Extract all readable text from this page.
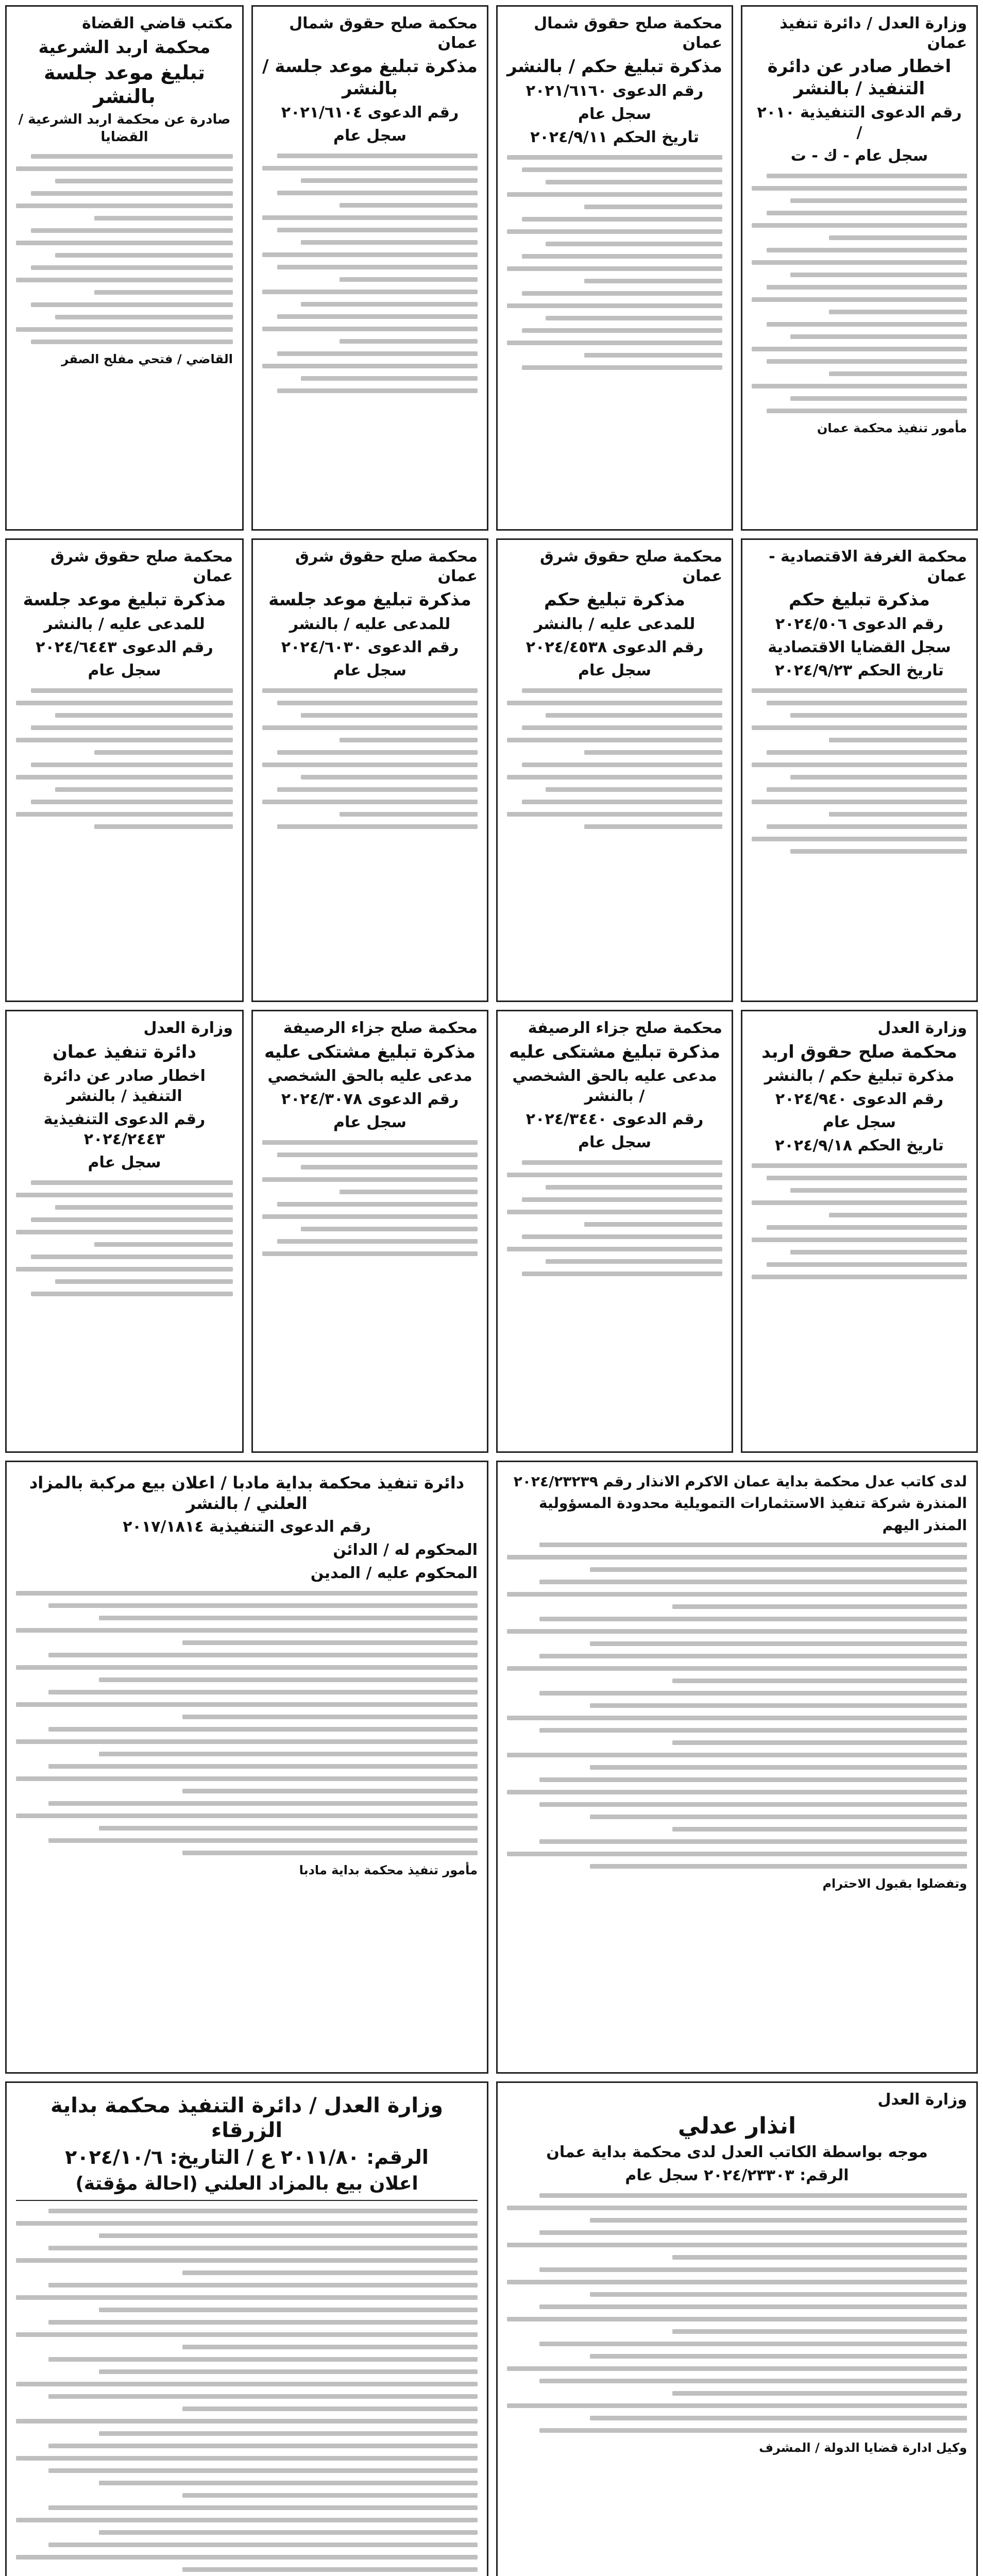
وزارة العدل / دائرة تنفيذ عمان
اخطار صادر عن دائرة التنفيذ / بالنشر
رقم الدعوى التنفيذية ٢٠١٠ /
سجل عام - ك - ت
مأمور تنفيذ محكمة عمان
محكمة صلح حقوق شمال عمان
مذكرة تبليغ حكم / بالنشر
رقم الدعوى ٢٠٢١/٦١٦٠
سجل عام
تاريخ الحكم ٢٠٢٤/٩/١١
محكمة صلح حقوق شمال عمان
مذكرة تبليغ موعد جلسة / بالنشر
رقم الدعوى ٢٠٢١/٦١٠٤
سجل عام
مكتب قاضي القضاة
محكمة اربد الشرعية
تبليغ موعد جلسة بالنشر
صادرة عن محكمة اربد الشرعية / القضايا
القاضي / فتحي مفلح الصقر
محكمة الغرفة الاقتصادية - عمان
مذكرة تبليغ حكم
رقم الدعوى ٢٠٢٤/٥٠٦
سجل القضايا الاقتصادية
تاريخ الحكم ٢٠٢٤/٩/٢٣
محكمة صلح حقوق شرق عمان
مذكرة تبليغ حكم
للمدعى عليه / بالنشر
رقم الدعوى ٢٠٢٤/٤٥٣٨
سجل عام
محكمة صلح حقوق شرق عمان
مذكرة تبليغ موعد جلسة
للمدعى عليه / بالنشر
رقم الدعوى ٢٠٢٤/٦٠٣٠
سجل عام
محكمة صلح حقوق شرق عمان
مذكرة تبليغ موعد جلسة
للمدعى عليه / بالنشر
رقم الدعوى ٢٠٢٤/٦٤٤٣
سجل عام
وزارة العدل
محكمة صلح حقوق اربد
مذكرة تبليغ حكم / بالنشر
رقم الدعوى ٢٠٢٤/٩٤٠
سجل عام
تاريخ الحكم ٢٠٢٤/٩/١٨
محكمة صلح جزاء الرصيفة
مذكرة تبليغ مشتكى عليه
مدعى عليه بالحق الشخصي / بالنشر
رقم الدعوى ٢٠٢٤/٣٤٤٠
سجل عام
محكمة صلح جزاء الرصيفة
مذكرة تبليغ مشتكى عليه
مدعى عليه بالحق الشخصي
رقم الدعوى ٢٠٢٤/٣٠٧٨
سجل عام
وزارة العدل
دائرة تنفيذ عمان
اخطار صادر عن دائرة التنفيذ / بالنشر
رقم الدعوى التنفيذية ٢٠٢٤/٢٤٤٣
سجل عام
لدى كاتب عدل محكمة بداية عمان الاكرم الانذار رقم ٢٠٢٤/٢٣٢٣٩
المنذرة شركة تنفيذ الاستثمارات التمويلية محدودة المسؤولية
المنذر اليهم
وتفضلوا بقبول الاحترام
دائرة تنفيذ محكمة بداية مادبا / اعلان بيع مركبة بالمزاد العلني / بالنشر
رقم الدعوى التنفيذية ٢٠١٧/١٨١٤
المحكوم له / الدائن
المحكوم عليه / المدين
مأمور تنفيذ محكمة بداية مادبا
وزارة العدل
انذار عدلي
موجه بواسطة الكاتب العدل لدى محكمة بداية عمان
الرقم: ٢٠٢٤/٢٣٣٠٣ سجل عام
وكيل ادارة قضايا الدولة / المشرف
وزارة العدل / دائرة التنفيذ محكمة بداية الزرقاء
الرقم: ٢٠١١/٨٠ ع / التاريخ: ٢٠٢٤/١٠/٦
اعلان بيع بالمزاد العلني (احالة مؤقتة)
